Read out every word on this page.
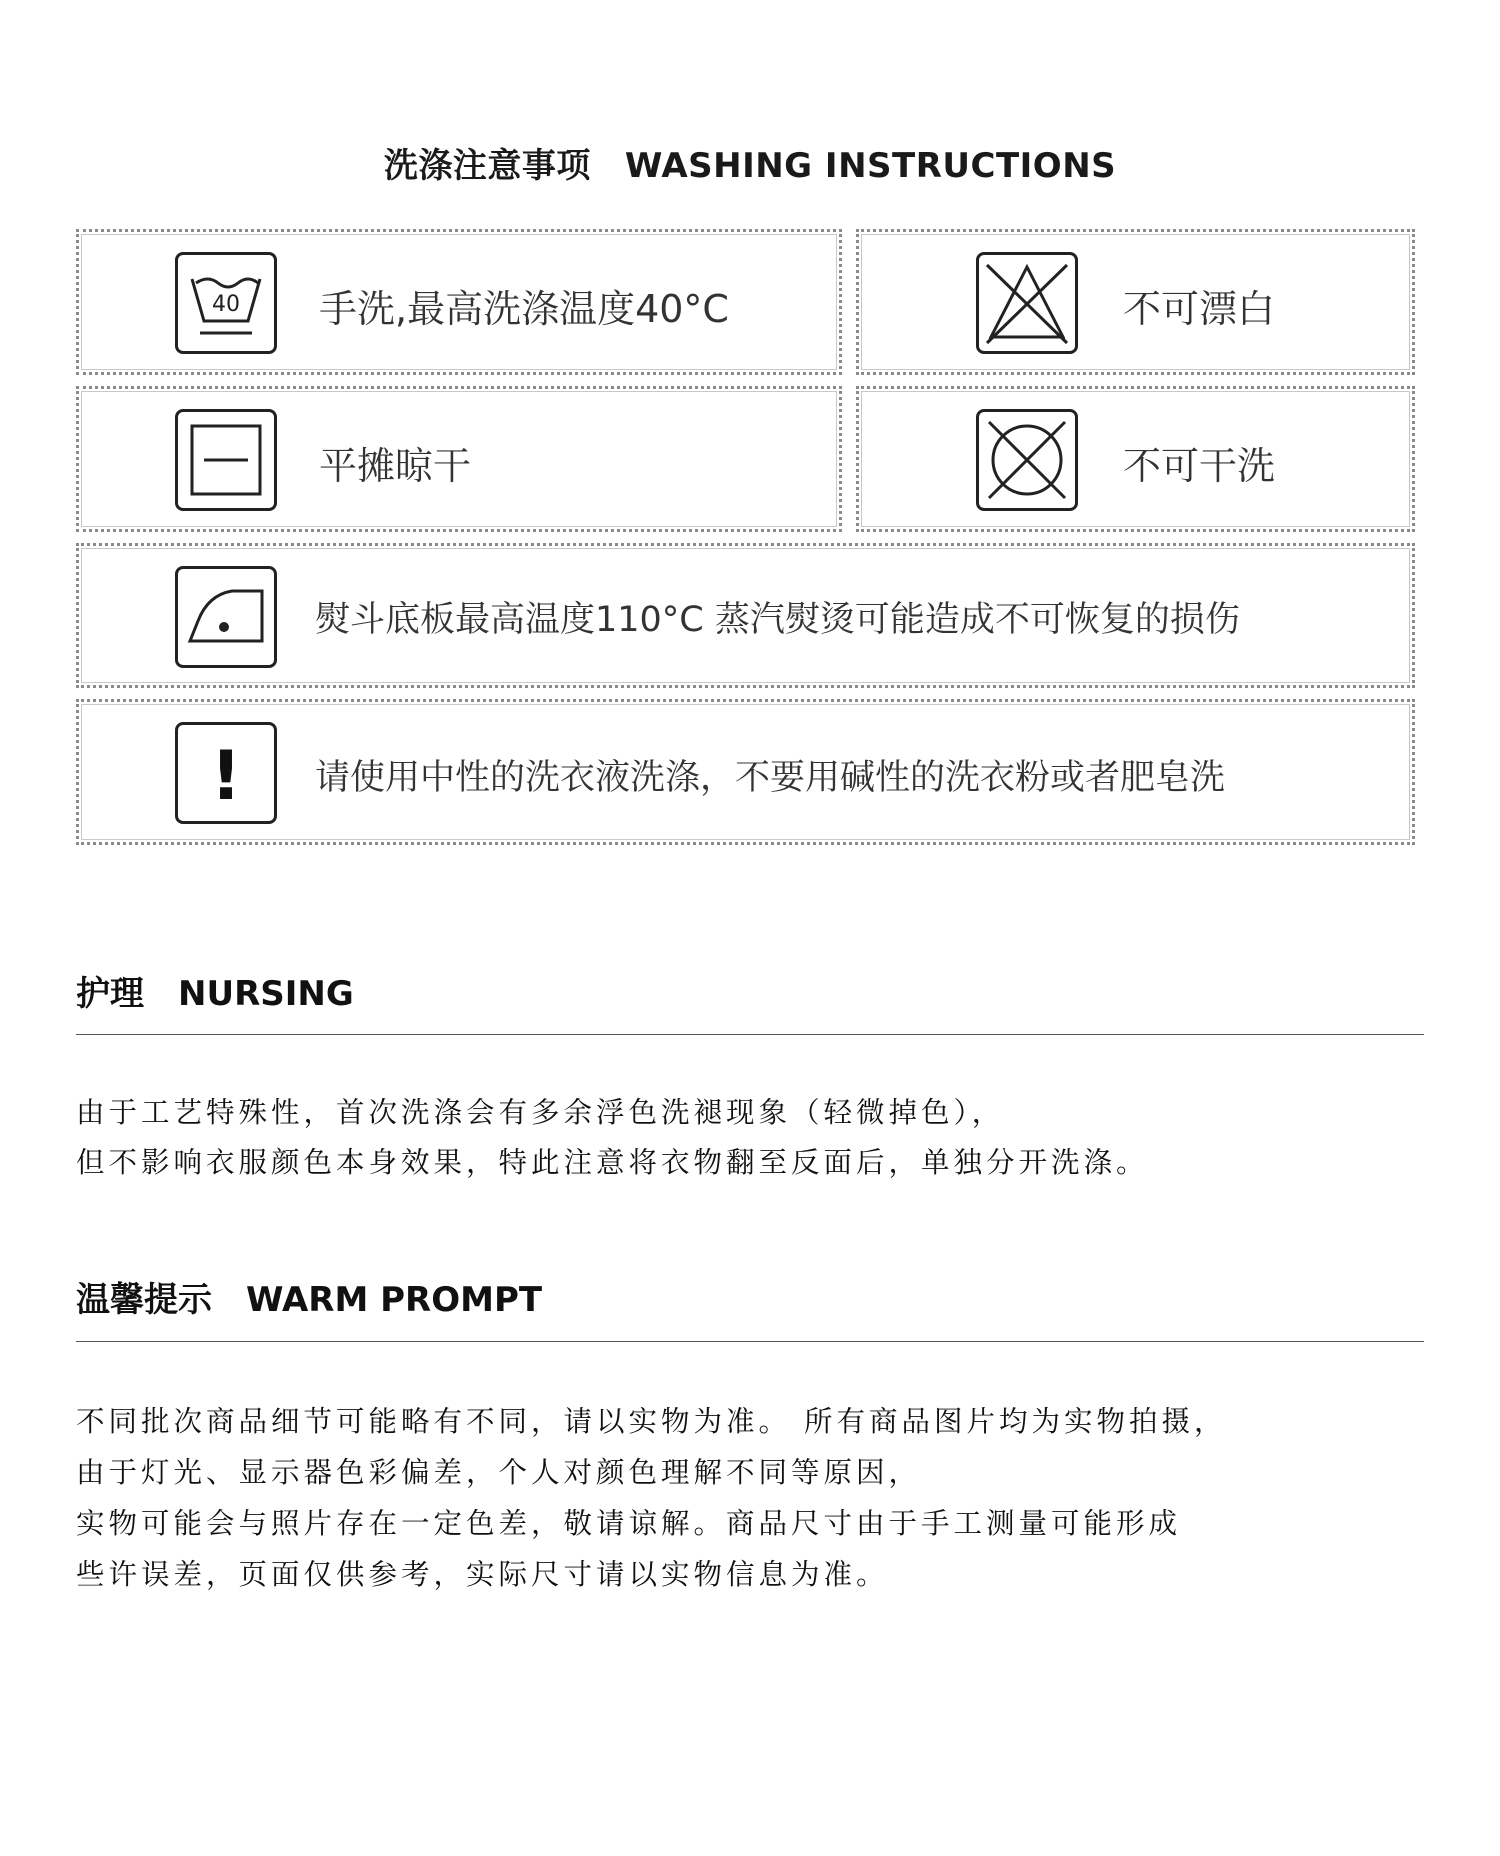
洗涤注意事项 WASHING INSTRUCTIONS
40 手洗,最高洗涤温度40°C	不可漂白
平摊晾干	不可干洗
熨斗底板最高温度110°C 蒸汽熨烫可能造成不可恢复的损伤
! 请使用中性的洗衣液洗涤，不要用碱性的洗衣粉或者肥皂洗
护理 NURSING
由于工艺特殊性，首次洗涤会有多余浮色洗褪现象（轻微掉色），
但不影响衣服颜色本身效果，特此注意将衣物翻至反面后，单独分开洗涤。
温馨提示 WARM PROMPT
不同批次商品细节可能略有不同，请以实物为准。 所有商品图片均为实物拍摄，
由于灯光、显示器色彩偏差，个人对颜色理解不同等原因，
实物可能会与照片存在一定色差，敬请谅解。商品尺寸由于手工测量可能形成
些许误差，页面仅供参考，实际尺寸请以实物信息为准。
